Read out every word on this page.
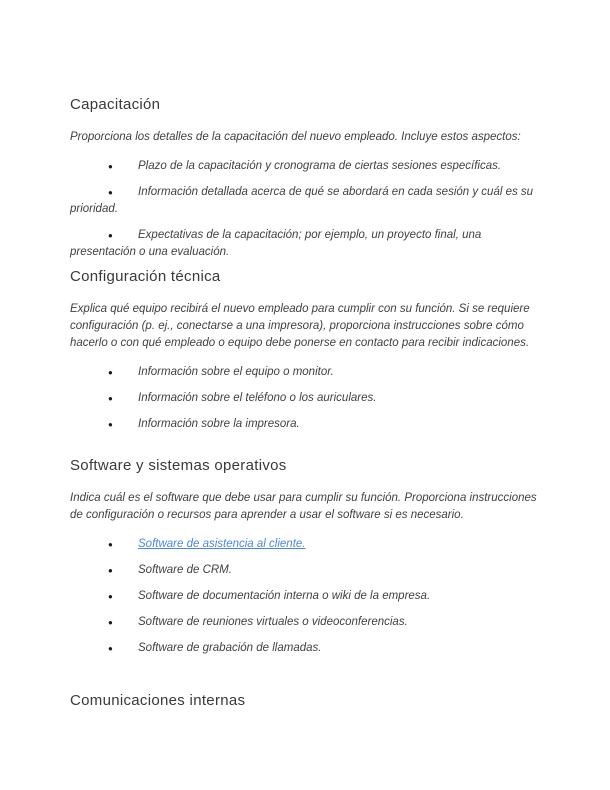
Capacitación

Proporciona los detalles de la capacitación del nuevo empleado. Incluye estos aspectos:

● Plazo de la capacitación y cronograma de ciertas sesiones específicas.

● Información detallada acerca de qué se abordará en cada sesión y cuál es su prioridad.

● Expectativas de la capacitación; por ejemplo, un proyecto final, una presentación o una evaluación.

Configuración técnica

Explica qué equipo recibirá el nuevo empleado para cumplir con su función. Si se requiere configuración (p. ej., conectarse a una impresora), proporciona instrucciones sobre cómo hacerlo o con qué empleado o equipo debe ponerse en contacto para recibir indicaciones.

● Información sobre el equipo o monitor.

● Información sobre el teléfono o los auriculares.

● Información sobre la impresora.

Software y sistemas operativos

Indica cuál es el software que debe usar para cumplir su función. Proporciona instrucciones de configuración o recursos para aprender a usar el software si es necesario.

● Software de asistencia al cliente.

● Software de CRM.

● Software de documentación interna o wiki de la empresa.

● Software de reuniones virtuales o videoconferencias.

● Software de grabación de llamadas.

Comunicaciones internas
